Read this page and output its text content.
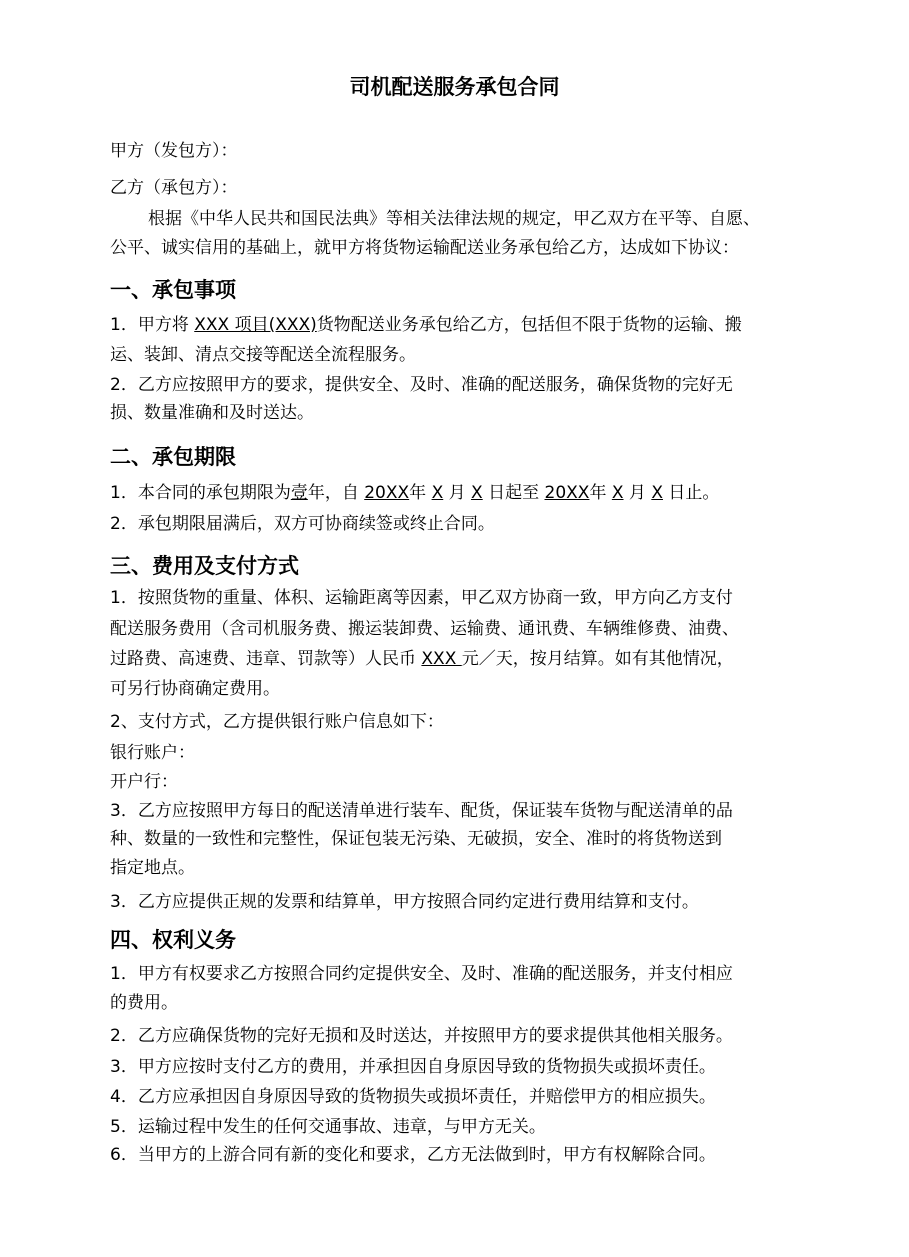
司机配送服务承包合同
甲方（发包方）：
乙方（承包方）：
根据《中华人民共和国民法典》等相关法律法规的规定，甲乙双方在平等、自愿、
公平、诚实信用的基础上，就甲方将货物运输配送业务承包给乙方，达成如下协议：
一、承包事项
1．甲方将 XXX 项目(XXX)货物配送业务承包给乙方，包括但不限于货物的运输、搬
运、装卸、清点交接等配送全流程服务。
2．乙方应按照甲方的要求，提供安全、及时、准确的配送服务，确保货物的完好无
损、数量准确和及时送达。
二、承包期限
1．本合同的承包期限为壹年，自 20XX年 X 月 X 日起至 20XX年 X 月 X 日止。
2．承包期限届满后，双方可协商续签或终止合同。
三、费用及支付方式
1．按照货物的重量、体积、运输距离等因素，甲乙双方协商一致，甲方向乙方支付
配送服务费用（含司机服务费、搬运装卸费、运输费、通讯费、车辆维修费、油费、
过路费、高速费、违章、罚款等）人民币 XXX 元／天，按月结算。如有其他情况，
可另行协商确定费用。
2、支付方式，乙方提供银行账户信息如下：
银行账户：
开户行：
3．乙方应按照甲方每日的配送清单进行装车、配货，保证装车货物与配送清单的品
种、数量的一致性和完整性，保证包装无污染、无破损，安全、准时的将货物送到
指定地点。
3．乙方应提供正规的发票和结算单，甲方按照合同约定进行费用结算和支付。
四、权利义务
1．甲方有权要求乙方按照合同约定提供安全、及时、准确的配送服务，并支付相应
的费用。
2．乙方应确保货物的完好无损和及时送达，并按照甲方的要求提供其他相关服务。
3．甲方应按时支付乙方的费用，并承担因自身原因导致的货物损失或损坏责任。
4．乙方应承担因自身原因导致的货物损失或损坏责任，并赔偿甲方的相应损失。
5．运输过程中发生的任何交通事故、违章，与甲方无关。
6．当甲方的上游合同有新的变化和要求，乙方无法做到时，甲方有权解除合同。
